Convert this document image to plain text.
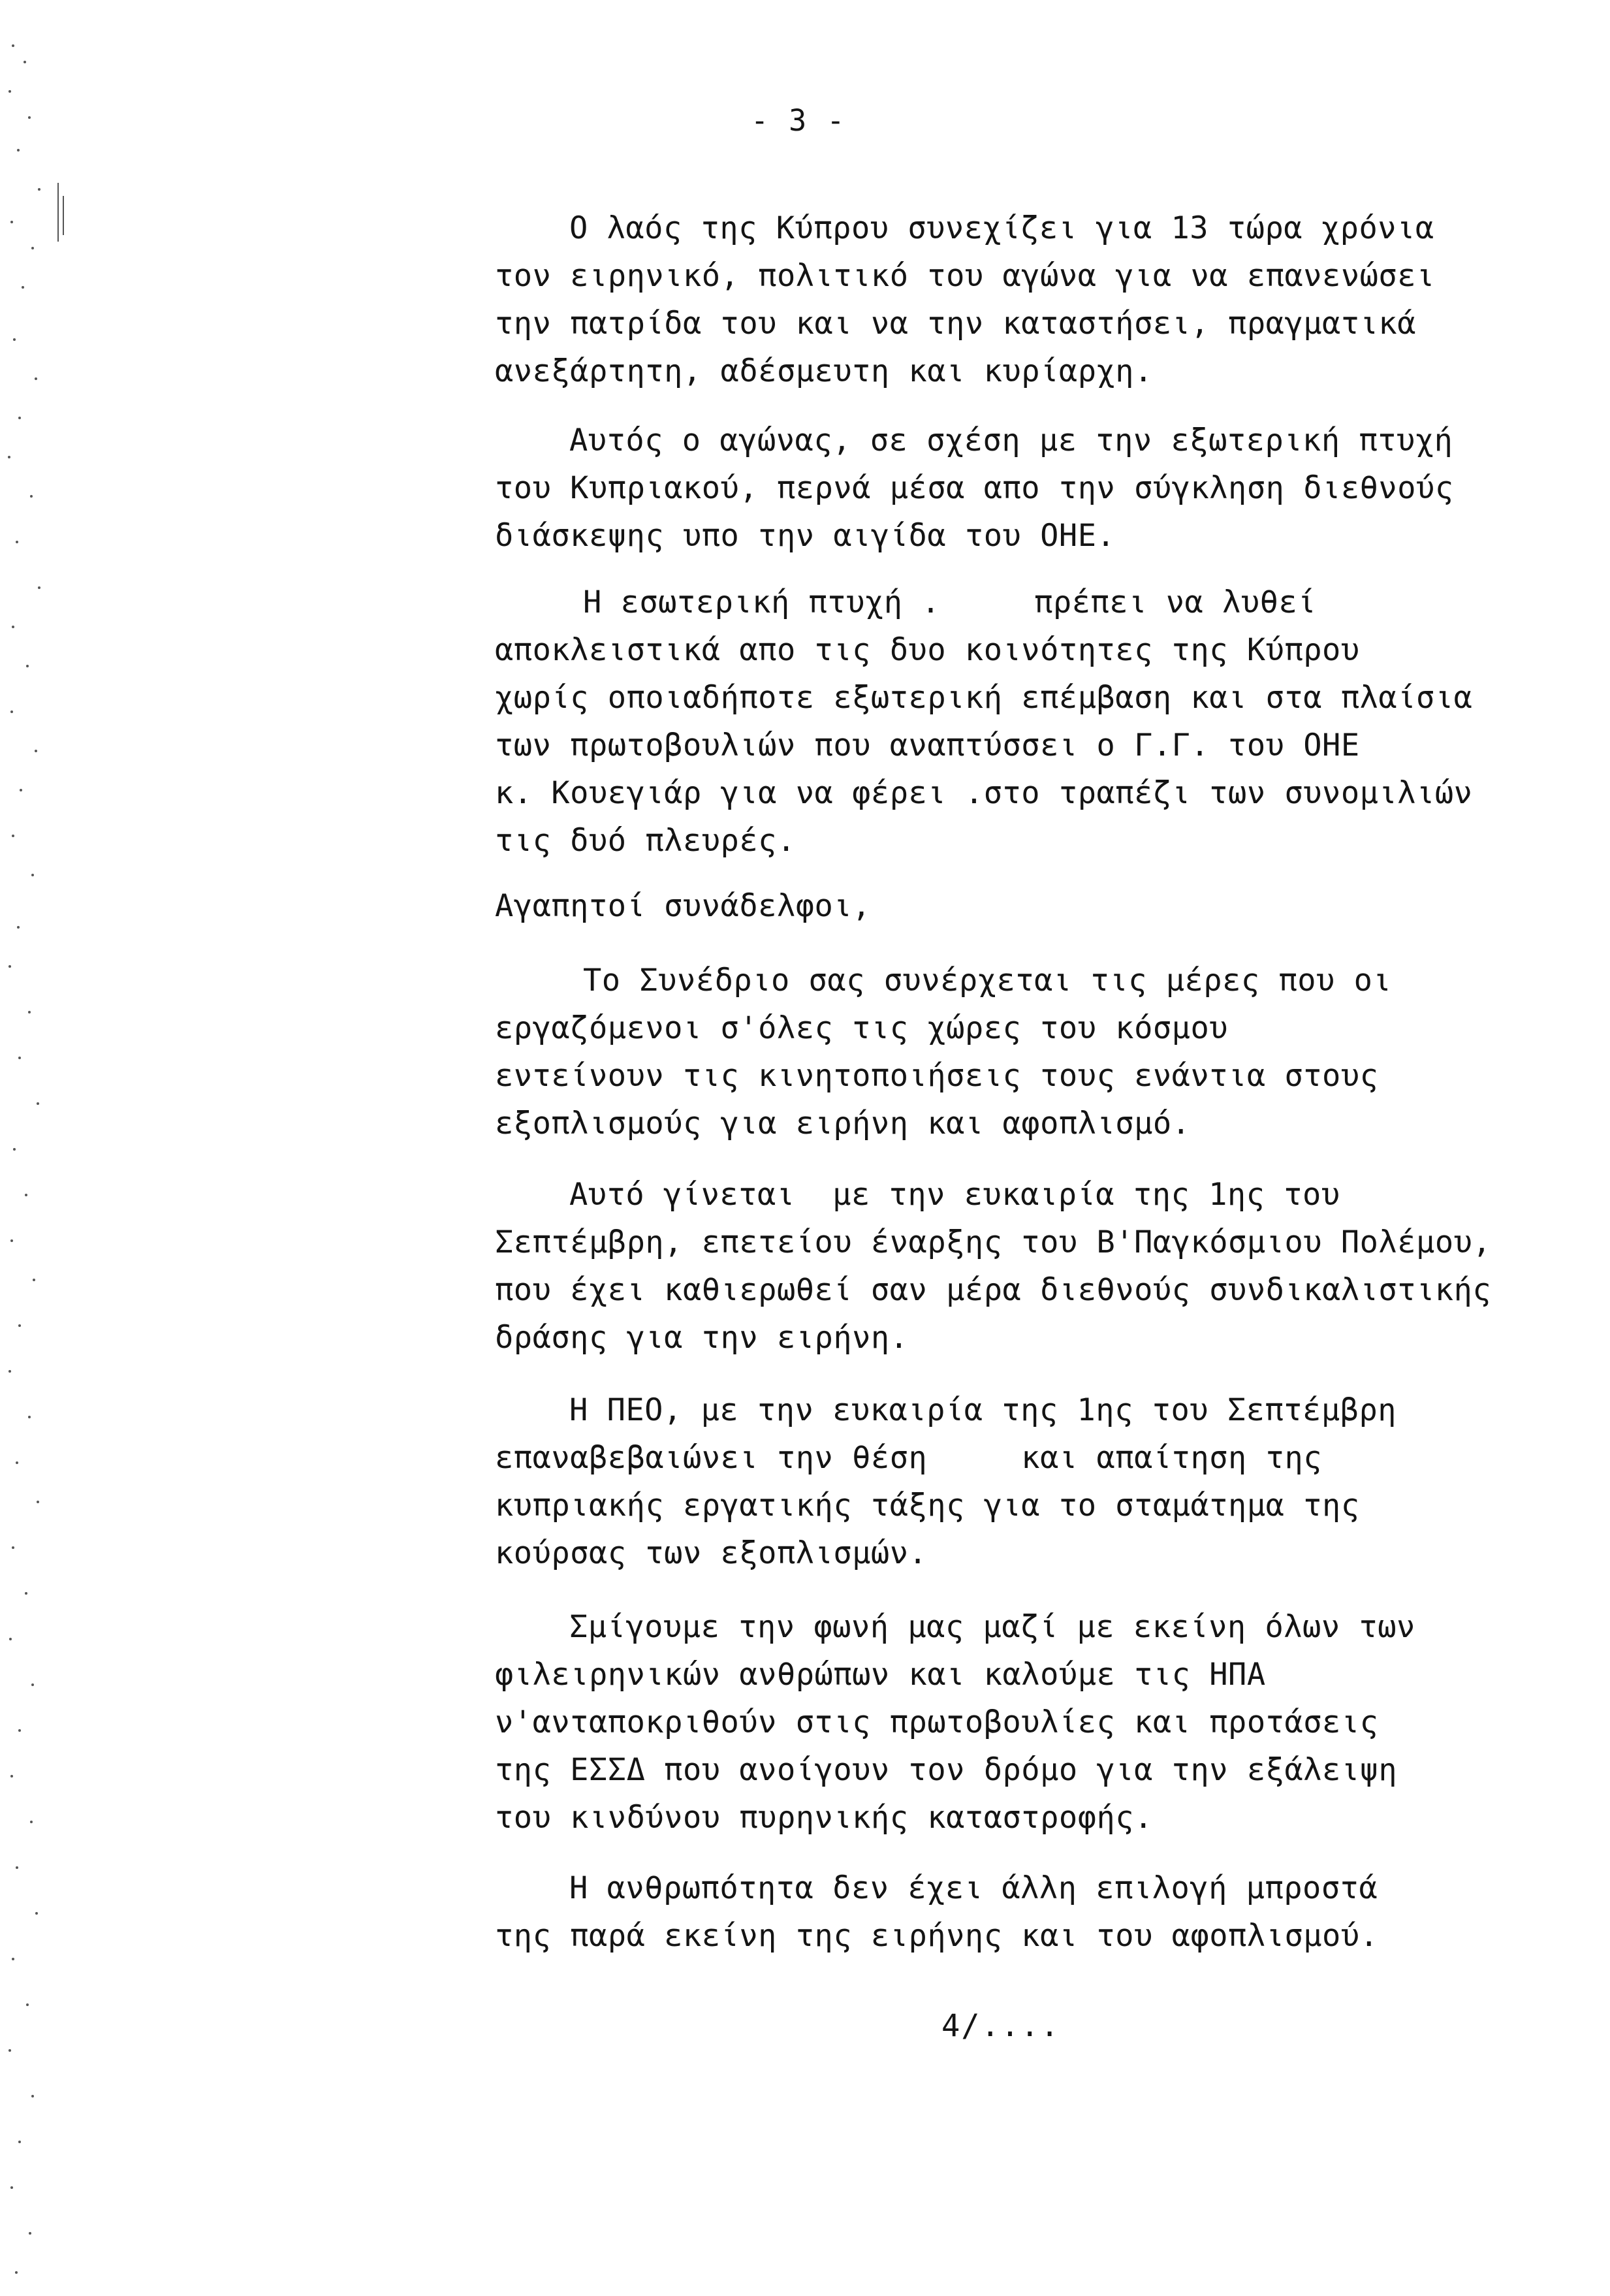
- 3 -
Ο λαός της Κύπρου συνεχίζει για 13 τώρα χρόνια
τον ειρηνικό, πολιτικό του αγώνα για να επανενώσει
την πατρίδα του και να την καταστήσει, πραγματικά
ανεξάρτητη, αδέσμευτη και κυρίαρχη.
Αυτός ο αγώνας, σε σχέση με την εξωτερική πτυχή
του Κυπριακού, περνά μέσα απο την σύγκληση διεθνούς
διάσκεψης υπο την αιγίδα του ΟΗΕ.
Η εσωτερική πτυχή .     πρέπει να λυθεί
αποκλειστικά απο τις δυο κοινότητες της Κύπρου
χωρίς οποιαδήποτε εξωτερική επέμβαση και στα πλαίσια
των πρωτοβουλιών που αναπτύσσει ο Γ.Γ. του ΟΗΕ
κ. Κουεγιάρ για να φέρει .στο τραπέζι των συνομιλιών
τις δυό πλευρές.
Αγαπητοί συνάδελφοι,
Το Συνέδριο σας συνέρχεται τις μέρες που οι
εργαζόμενοι σ'όλες τις χώρες του κόσμου
εντείνουν τις κινητοποιήσεις τους ενάντια στους
εξοπλισμούς για ειρήνη και αφοπλισμό.
Αυτό γίνεται  με την ευκαιρία της 1ης του
Σεπτέμβρη, επετείου έναρξης του Β'Παγκόσμιου Πολέμου,
που έχει καθιερωθεί σαν μέρα διεθνούς συνδικαλιστικής
δράσης για την ειρήνη.
Η ΠΕΟ, με την ευκαιρία της 1ης του Σεπτέμβρη
επαναβεβαιώνει την θέση     και απαίτηση της
κυπριακής εργατικής τάξης για το σταμάτημα της
κούρσας των εξοπλισμών.
Σμίγουμε την φωνή μας μαζί με εκείνη όλων των
φιλειρηνικών ανθρώπων και καλούμε τις ΗΠΑ
ν'ανταποκριθούν στις πρωτοβουλίες και προτάσεις
της ΕΣΣΔ που ανοίγουν τον δρόμο για την εξάλειψη
του κινδύνου πυρηνικής καταστροφής.
Η ανθρωπότητα δεν έχει άλλη επιλογή μπροστά
της παρά εκείνη της ειρήνης και του αφοπλισμού.
4/....
